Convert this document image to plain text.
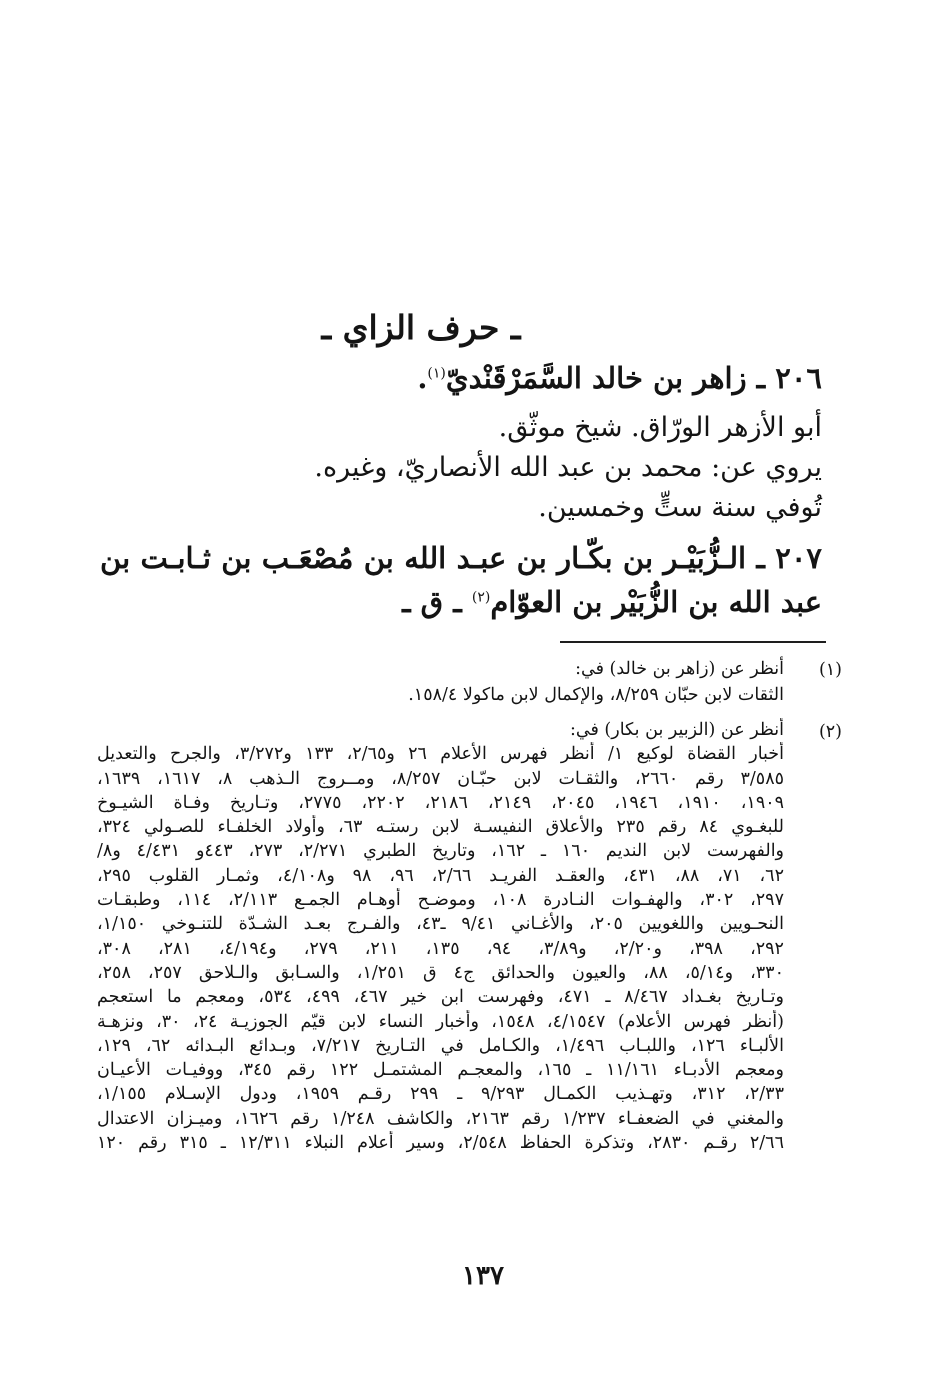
ـ حرف الزاي ـ
٢٠٦ ـ زاهر بن خالد السَّمَرْقَنْديّ$^{(١)}$.
أبو الأزهر الورّاق. شيخ موثّق.
يروي عن: محمد بن عبد الله الأنصاريّ، وغيره.
تُوفي سنة ستٍّ وخمسين.
٢٠٧ ـ الـزُّبَيْـر بن بكّـار بن عبـد الله بن مُصْعَـب بن ثـابـت بن
عبد الله بن الزُّبَيْر بن العوّام$^{(٢)}$ ـ ق ـ
(١)
أنظر عن (زاهر بن خالد) في:
الثقات لابن حبّان ٨/٢٥٩، والإكمال لابن ماكولا ١٥٨/٤.
(٢)
أنظر عن (الزبير بن بكار) في:
أخبار القضاة لوكيع ١/ أنظر فهرس الأعلام ٢٦ و٢/٦٥، ١٣٣ و٣/٢٧٢، والجرح والتعديل
٣/٥٨٥ رقم ٢٦٦٠، والثقـات لابن حبّـان ٨/٢٥٧، ومــروج الـذهب ٨، ١٦١٧، ١٦٣٩،
١٩٠٩، ١٩١٠، ١٩٤٦، ٢٠٤٥، ٢١٤٩، ٢١٨٦، ٢٢٠٢، ٢٧٧٥، وتـاريخ وفـاة الشيـوخ
للبغـوي ٨٤ رقم ٢٣٥ والأعلاق النفيسـة لابن رستـه ٦٣، وأولاد الخلفـاء للصـولي ٣٢٤،
والفهرست لابن النديم ١٦٠ ـ ١٦٢، وتاريخ الطبري ٢/٢٧١، ٢٧٣، ٤٤٣و ٤/٤٣١ و٨/
٦٢، ٧١، ٨٨، ٤٣١، والعقـد الفريـد ٢/٦٦، ٩٦، ٩٨ و٤/١٠٨، وثمـار القلوب ٢٩٥،
٢٩٧، ٣٠٢، والهفـوات النـادرة ١٠٨، وموضـح أوهـام الجمـع ٢/١١٣، ١١٤، وطبقـات
النحـويين واللغويين ٢٠٥، والأغـاني ٩/٤١ ـ٤٣، والفـرج بعـد الشـدّة للتنـوخي ١/١٥٠،
٢٩٢، ٣٩٨، و٢/٢٠، و٣/٨٩، ٩٤، ١٣٥، ٢١١، ٢٧٩، و٤/١٩٤، ٢٨١، ٣٠٨،
٣٣٠، و٥/١٤، ٨٨، والعيون والحدائق ج٤ ق ١/٢٥١، والسـابق والـلاحق ٢٥٧، ٢٥٨،
وتـاريخ بغـداد ٨/٤٦٧ ـ ٤٧١، وفهرست ابن خير ٤٦٧، ٤٩٩، ٥٣٤، ومعجم ما استعجم
(أنظر فهرس الأعلام) ٤/١٥٤٧، ١٥٤٨، وأخبار النساء لابن قيّم الجوزيـة ٢٤، ٣٠، ونزهـة
الألبـاء ١٢٦، واللبـاب ١/٤٩٦، والكـامل في التـاريخ ٧/٢١٧، وبـدائع البـدائه ٦٢، ١٢٩،
ومعجم الأدبـاء ١١/١٦١ ـ ١٦٥، والمعجـم المشتمـل ١٢٢ رقم ٣٤٥، ووفيـات الأعيـان
٢/٣٣، ٣١٢، وتهـذيب الكمـال ٩/٢٩٣ ـ ٢٩٩ رقـم ١٩٥٩، ودول الإسـلام ١/١٥٥،
والمغني في الضعفـاء ١/٢٣٧ رقم ٢١٦٣، والكاشف ١/٢٤٨ رقم ١٦٢٦، وميـزان الاعتدال
٢/٦٦ رقـم ٢٨٣٠، وتذكرة الحفاظ ٢/٥٤٨، وسير أعلام النبلاء ١٢/٣١١ ـ ٣١٥ رقم ١٢٠
١٣٧
